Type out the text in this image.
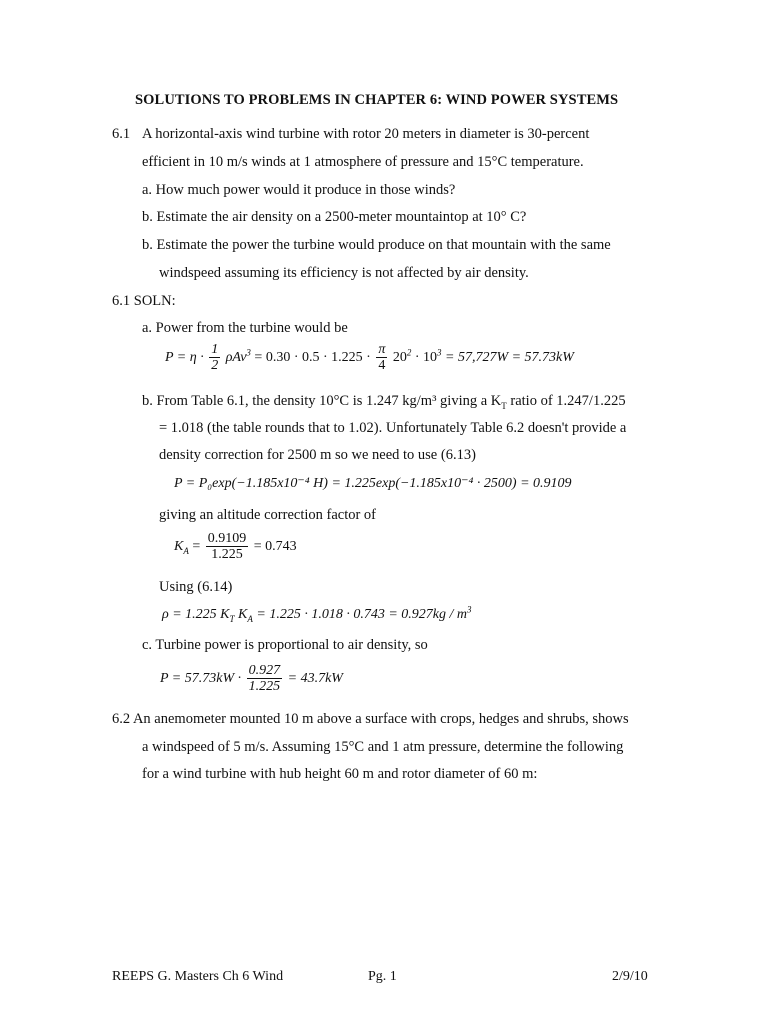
SOLUTIONS TO PROBLEMS IN CHAPTER 6: WIND POWER SYSTEMS
6.1 A horizontal-axis wind turbine with rotor 20 meters in diameter is 30-percent
efficient in 10 m/s winds at 1 atmosphere of pressure and 15°C temperature.
a. How much power would it produce in those winds?
b. Estimate the air density on a 2500-meter mountaintop at 10° C?
b. Estimate the power the turbine would produce on that mountain with the same
windspeed assuming its efficiency is not affected by air density.
6.1 SOLN:
a. Power from the turbine would be
$P = \eta \cdot \frac{1}{2} \rho Av^3 = 0.30 \cdot 0.5 \cdot 1.225 \cdot \frac{\pi}{4} 20^2 \cdot 10^3 = 57,727W = 57.73kW$
b. From Table 6.1, the density 10°C is 1.247 kg/m³ giving a $K_T$ ratio of 1.247/1.225
= 1.018 (the table rounds that to 1.02). Unfortunately Table 6.2 doesn't provide a
density correction for 2500 m so we need to use (6.13)
P = P₀exp(−1.185x10⁻⁴ H) = 1.225exp(−1.185x10⁻⁴ · 2500) = 0.9109
giving an altitude correction factor of
$K_A = \frac{0.9109}{1.225} = 0.743$
Using (6.14)
ρ = 1.225 $K_T$ $K_A = 1.225 \cdot 1.018 \cdot 0.743 = 0.927kg / m^3$
c. Turbine power is proportional to air density, so
$P = 57.73kW \cdot \frac{0.927}{1.225} = 43.7kW$
6.2 An anemometer mounted 10 m above a surface with crops, hedges and shrubs, shows
a windspeed of 5 m/s. Assuming 15°C and 1 atm pressure, determine the following
for a wind turbine with hub height 60 m and rotor diameter of 60 m:
REEPS G. Masters Ch 6 Wind	Pg. 1	2/9/10
